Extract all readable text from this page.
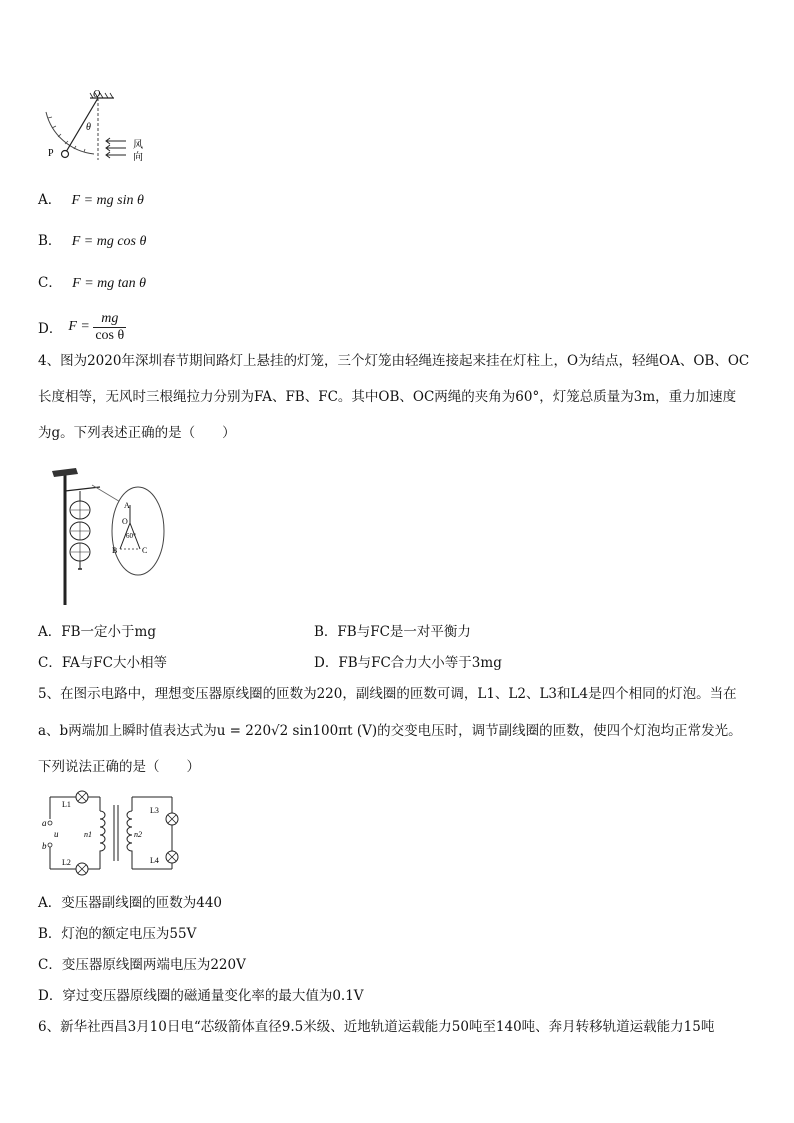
O
θ
P
风
向
A． F = mg sin θ
B． F = mg cos θ
C． F = mg tan θ
D． $F = \frac{mg}{\text{cos θ}}$
4、图为2020年深圳春节期间路灯上悬挂的灯笼，三个灯笼由轻绳连接起来挂在灯柱上，O为结点，轻绳OA、OB、OC
长度相等，无风时三根绳拉力分别为FA、FB、FC。其中OB、OC两绳的夹角为60°，灯笼总质量为3m，重力加速度
为g。下列表述正确的是（　　）
A
O
60°
B	C
A．FB一定小于mg	B．FB与FC是一对平衡力
C．FA与FC大小相等	D．FB与FC合力大小等于3mg
5、在图示电路中，理想变压器原线圈的匝数为220，副线圈的匝数可调，L1、L2、L3和L4是四个相同的灯泡。当在
a、b两端加上瞬时值表达式为u = 220√2 sin100πt (V)的交变电压时，调节副线圈的匝数，使四个灯泡均正常发光。
下列说法正确的是（　　）
L1
L2
L3
L4
a
u
b
n1	n2
A．变压器副线圈的匝数为440
B．灯泡的额定电压为55V
C．变压器原线圈两端电压为220V
D．穿过变压器原线圈的磁通量变化率的最大值为0.1V
6、新华社西昌3月10日电“芯级箭体直径9.5米级、近地轨道运载能力50吨至140吨、奔月转移轨道运载能力15吨
